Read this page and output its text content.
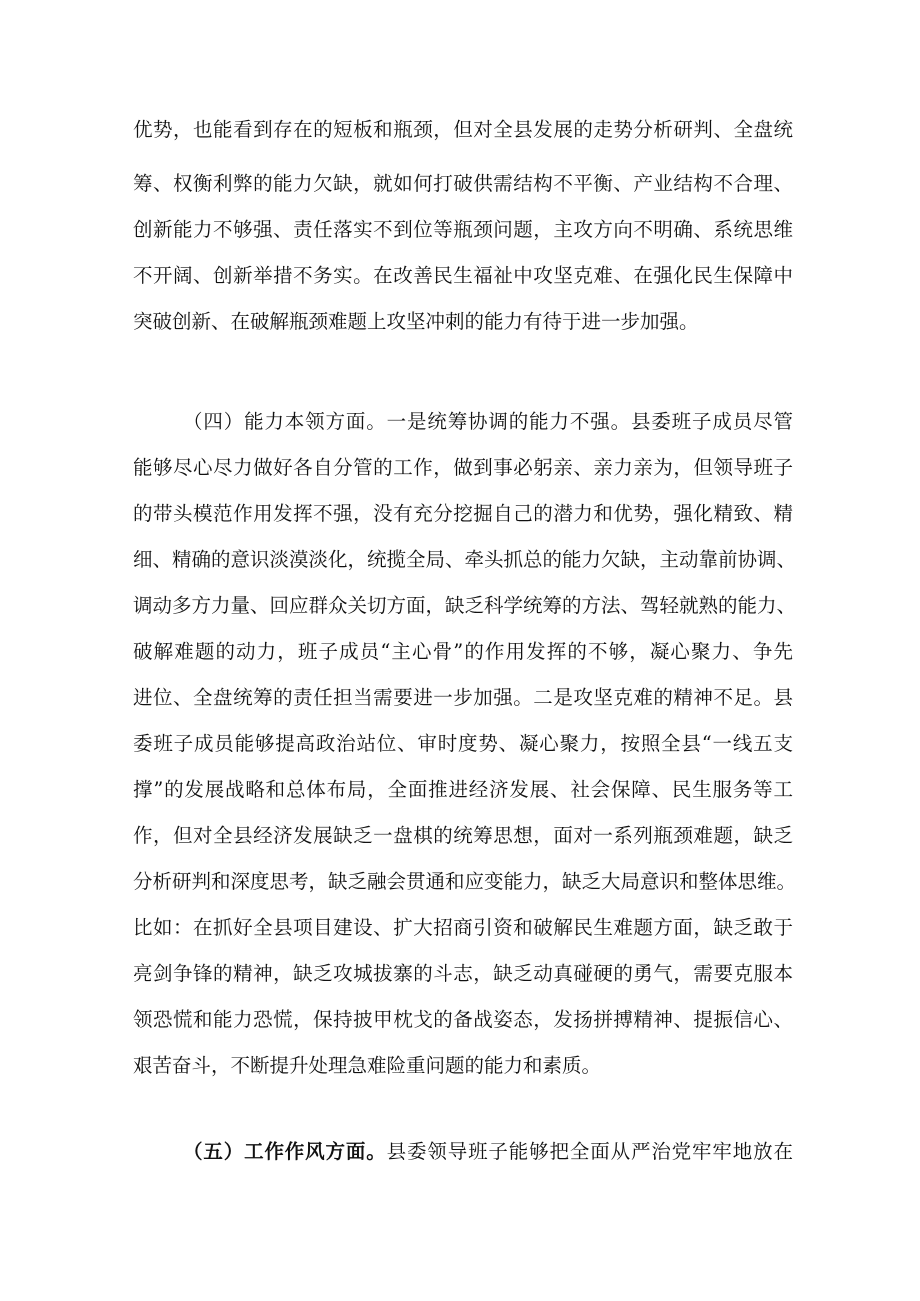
优势，也能看到存在的短板和瓶颈，但对全县发展的走势分析研判、全盘统
筹、权衡利弊的能力欠缺，就如何打破供需结构不平衡、产业结构不合理、
创新能力不够强、责任落实不到位等瓶颈问题，主攻方向不明确、系统思维
不开阔、创新举措不务实。在改善民生福祉中攻坚克难、在强化民生保障中
突破创新、在破解瓶颈难题上攻坚冲刺的能力有待于进一步加强。
（四）能力本领方面。一是统筹协调的能力不强。县委班子成员尽管
能够尽心尽力做好各自分管的工作，做到事必躬亲、亲力亲为，但领导班子
的带头模范作用发挥不强，没有充分挖掘自己的潜力和优势，强化精致、精
细、精确的意识淡漠淡化，统揽全局、牵头抓总的能力欠缺，主动靠前协调、
调动多方力量、回应群众关切方面，缺乏科学统筹的方法、驾轻就熟的能力、
破解难题的动力，班子成员“主心骨”的作用发挥的不够，凝心聚力、争先
进位、全盘统筹的责任担当需要进一步加强。二是攻坚克难的精神不足。县
委班子成员能够提高政治站位、审时度势、凝心聚力，按照全县“一线五支
撑”的发展战略和总体布局，全面推进经济发展、社会保障、民生服务等工
作，但对全县经济发展缺乏一盘棋的统筹思想，面对一系列瓶颈难题，缺乏
分析研判和深度思考，缺乏融会贯通和应变能力，缺乏大局意识和整体思维。
比如：在抓好全县项目建设、扩大招商引资和破解民生难题方面，缺乏敢于
亮剑争锋的精神，缺乏攻城拔寨的斗志，缺乏动真碰硬的勇气，需要克服本
领恐慌和能力恐慌，保持披甲枕戈的备战姿态，发扬拼搏精神、提振信心、
艰苦奋斗，不断提升处理急难险重问题的能力和素质。
（五）工作作风方面。县委领导班子能够把全面从严治党牢牢地放在
